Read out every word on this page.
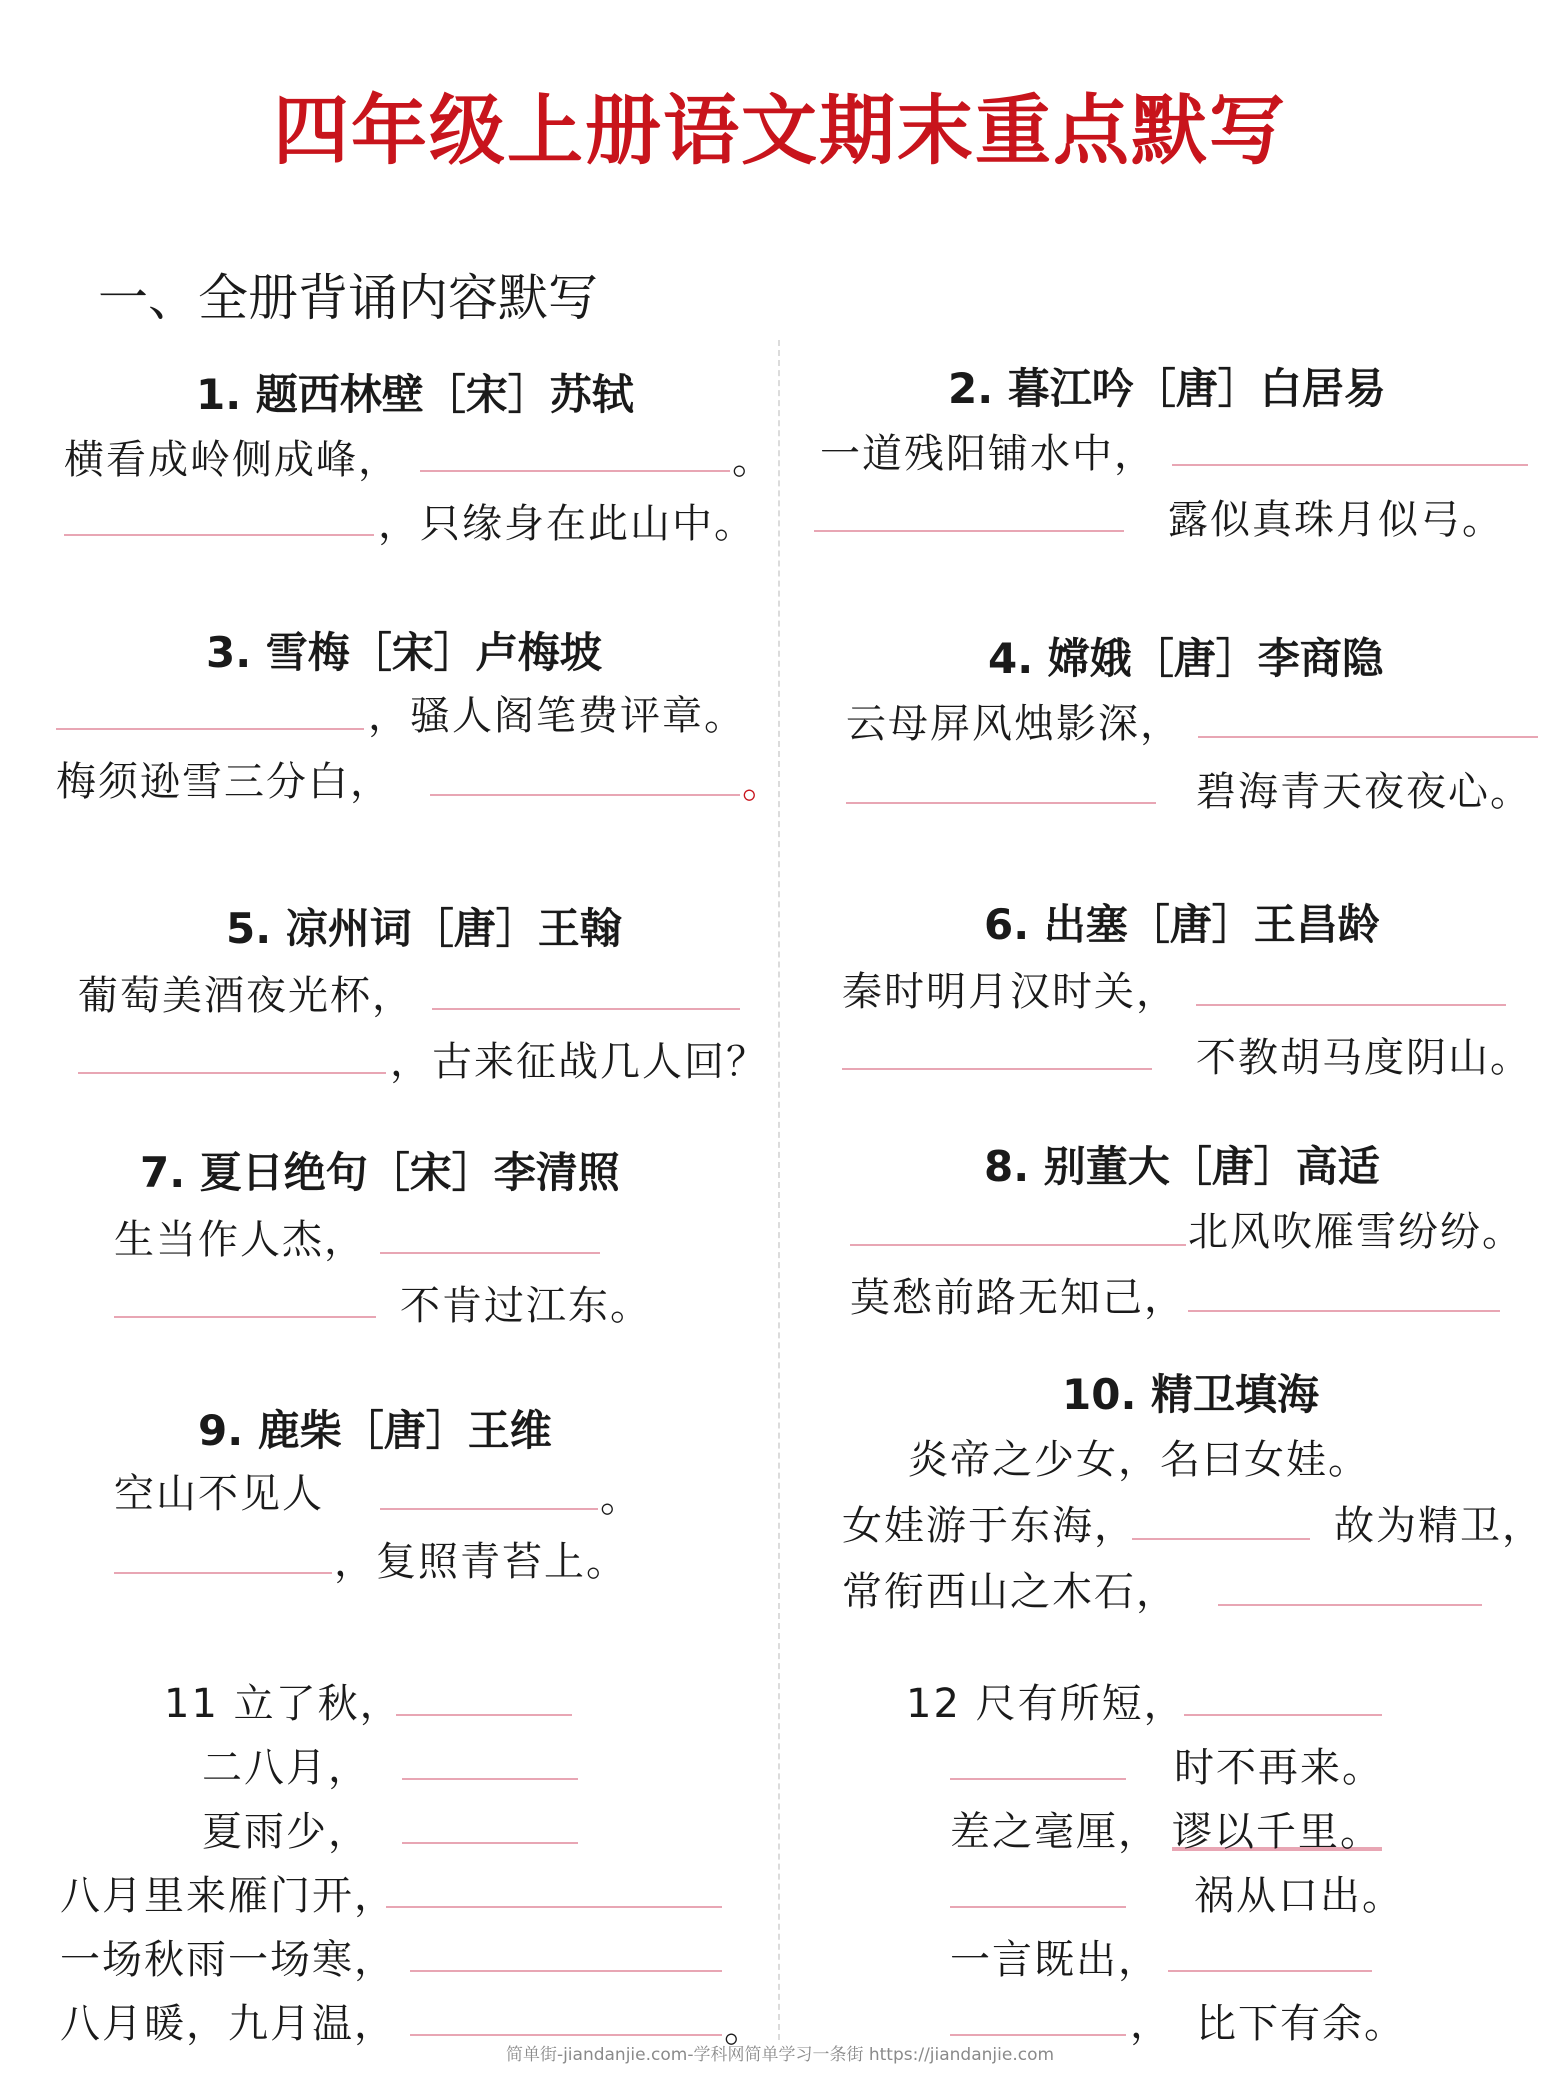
四年级上册语文期末重点默写
一、全册背诵内容默写
1. 题西林壁［宋］苏轼
横看成岭侧成峰，	。
，只缘身在此山中。
2. 暮江吟［唐］白居易
一道残阳铺水中，
露似真珠月似弓。
3. 雪梅［宋］卢梅坡
，骚人阁笔费评章。
梅须逊雪三分白，	。
4. 嫦娥［唐］李商隐
云母屏风烛影深，
碧海青天夜夜心。
5. 凉州词［唐］王翰
葡萄美酒夜光杯，
，古来征战几人回？
6. 出塞［唐］王昌龄
秦时明月汉时关，
不教胡马度阴山。
7. 夏日绝句［宋］李清照
生当作人杰，
不肯过江东。
8. 别董大［唐］高适
北风吹雁雪纷纷。
莫愁前路无知己，
9. 鹿柴［唐］王维
空山不见人	。
，复照青苔上。
10. 精卫填海
炎帝之少女，名曰女娃。
女娃游于东海，	故为精卫，
常衔西山之木石，
11 立了秋，
二八月，
夏雨少，
八月里来雁门开，
一场秋雨一场寒，
八月暖，九月温，	。
12 尺有所短，
时不再来。
差之毫厘， 谬以千里。
祸从口出。
一言既出，
， 比下有余。
简单街-jiandanjie.com-学科网简单学习一条街 https://jiandanjie.com
